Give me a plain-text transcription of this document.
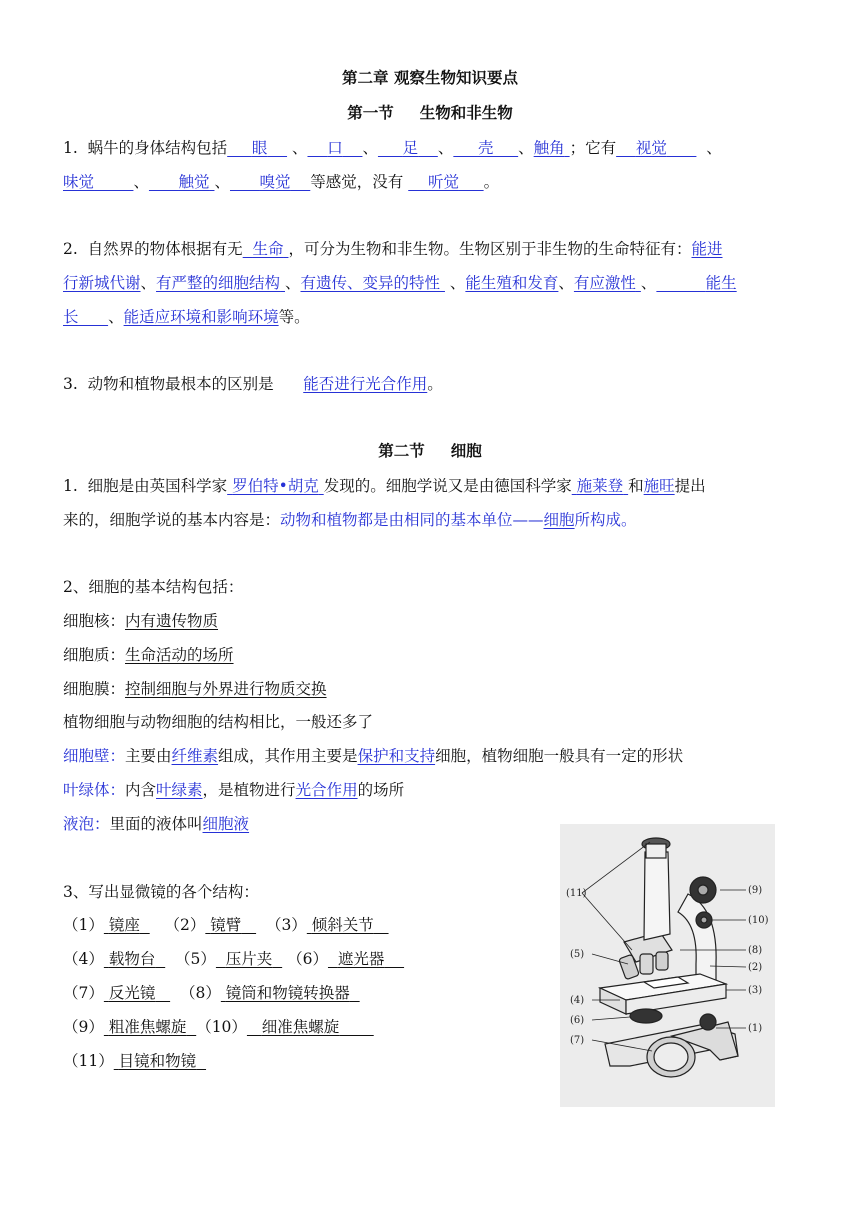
第二章 观察生物知识要点
第一节 生物和非生物
1. 蜗牛的身体结构包括 眼     、 口 、 足 、 壳 、触角 ；它有 视觉        、
味觉	、 触觉 、 嗅觉 等感觉，没有 听觉 。
2. 自然界的物体根据有无 生命 ，可分为生物和非生物。生物区别于非生物的生命特征有：能进
行新城代谢、有严整的细胞结构 、有遗传、变异的特性  、能生殖和发育、有应激性 、	能生
长 、能适应环境和影响环境等。
3. 动物和植物最根本的区别是 能否进行光合作用。
第二节 细胞
1. 细胞是由英国科学家 罗伯特•胡克 发现的。细胞学说又是由德国科学家 施莱登 和施旺提出
来的，细胞学说的基本内容是：动物和植物都是由相同的基本单位——细胞所构成。
2、细胞的基本结构包括：
细胞核：内有遗传物质
细胞质：生命活动的场所
细胞膜：控制细胞与外界进行物质交换
植物细胞与动物细胞的结构相比，一般还多了
细胞壁：主要由纤维素组成，其作用主要是保护和支持细胞，植物细胞一般具有一定的形状
叶绿体：内含叶绿素，是植物进行光合作用的场所
液泡：里面的液体叫细胞液
3、写出显微镜的各个结构：
（1） 镜座 （2） 镜臂 （3） 倾斜关节
（4） 载物台 （5） 压片夹 （6） 遮光器
（7） 反光镜 （8） 镜筒和物镜转换器
（9） 粗准焦螺旋 （10） 细准焦螺旋
（11） 目镜和物镜
(11)	(9)
(10)
(5)	(8)
(2)
(3)
(4)
(6)
(1)
(7)
